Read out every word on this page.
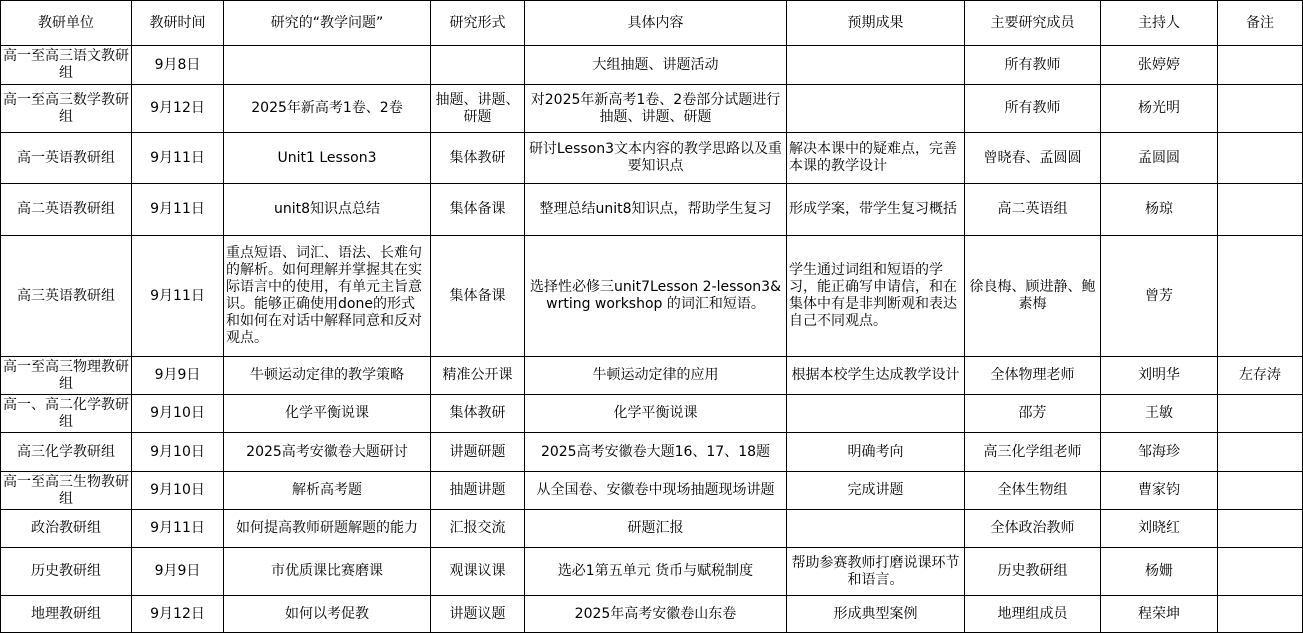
教研单位	教研时间	研究的“教学问题”	研究形式	具体内容	预期成果	主要研究成员	主持人	备注
高一至高三语文教研组	9月8日			大组抽题、讲题活动		所有教师	张婷婷	
高一至高三数学教研组	9月12日	2025年新高考1卷、2卷	抽题、讲题、研题	对2025年新高考1卷、2卷部分试题进行抽题、讲题、研题		所有教师	杨光明	
高一英语教研组	9月11日	Unit1 Lesson3	集体教研	研讨Lesson3文本内容的教学思路以及重要知识点	解决本课中的疑难点，完善本课的教学设计	曾晓春、孟圆圆	孟圆圆	
高二英语教研组	9月11日	unit8知识点总结	集体备课	整理总结unit8知识点，帮助学生复习	形成学案，带学生复习概括	高二英语组	杨琼	
高三英语教研组	9月11日	重点短语、词汇、语法、长难句的解析。如何理解并掌握其在实际语言中的使用，有单元主旨意识。能够正确使用done的形式和如何在对话中解释同意和反对观点。	集体备课	选择性必修三unit7Lesson 2-lesson3&wrting workshop 的词汇和短语。	学生通过词组和短语的学习，能正确写申请信，和在集体中有是非判断观和表达自己不同观点。	徐良梅、顾进静、鲍素梅	曾芳	
高一至高三物理教研组	9月9日	牛顿运动定律的教学策略	精准公开课	牛顿运动定律的应用	根据本校学生达成教学设计	全体物理老师	刘明华	左存涛
高一、高二化学教研组	9月10日	化学平衡说课	集体教研	化学平衡说课		邵芳	王敏	
高三化学教研组	9月10日	2025高考安徽卷大题研讨	讲题研题	2025高考安徽卷大题16、17、18题	明确考向	高三化学组老师	邹海珍	
高一至高三生物教研组	9月10日	解析高考题	抽题讲题	从全国卷、安徽卷中现场抽题现场讲题	完成讲题	全体生物组	曹家钧	
政治教研组	9月11日	如何提高教师研题解题的能力	汇报交流	研题汇报		全体政治教师	刘晓红	
历史教研组	9月9日	市优质课比赛磨课	观课议课	选必1第五单元 货币与赋税制度	帮助参赛教师打磨说课环节和语言。	历史教研组	杨姗	
地理教研组	9月12日	如何以考促教	讲题议题	2025年高考安徽卷山东卷	形成典型案例	地理组成员	程荣坤	
